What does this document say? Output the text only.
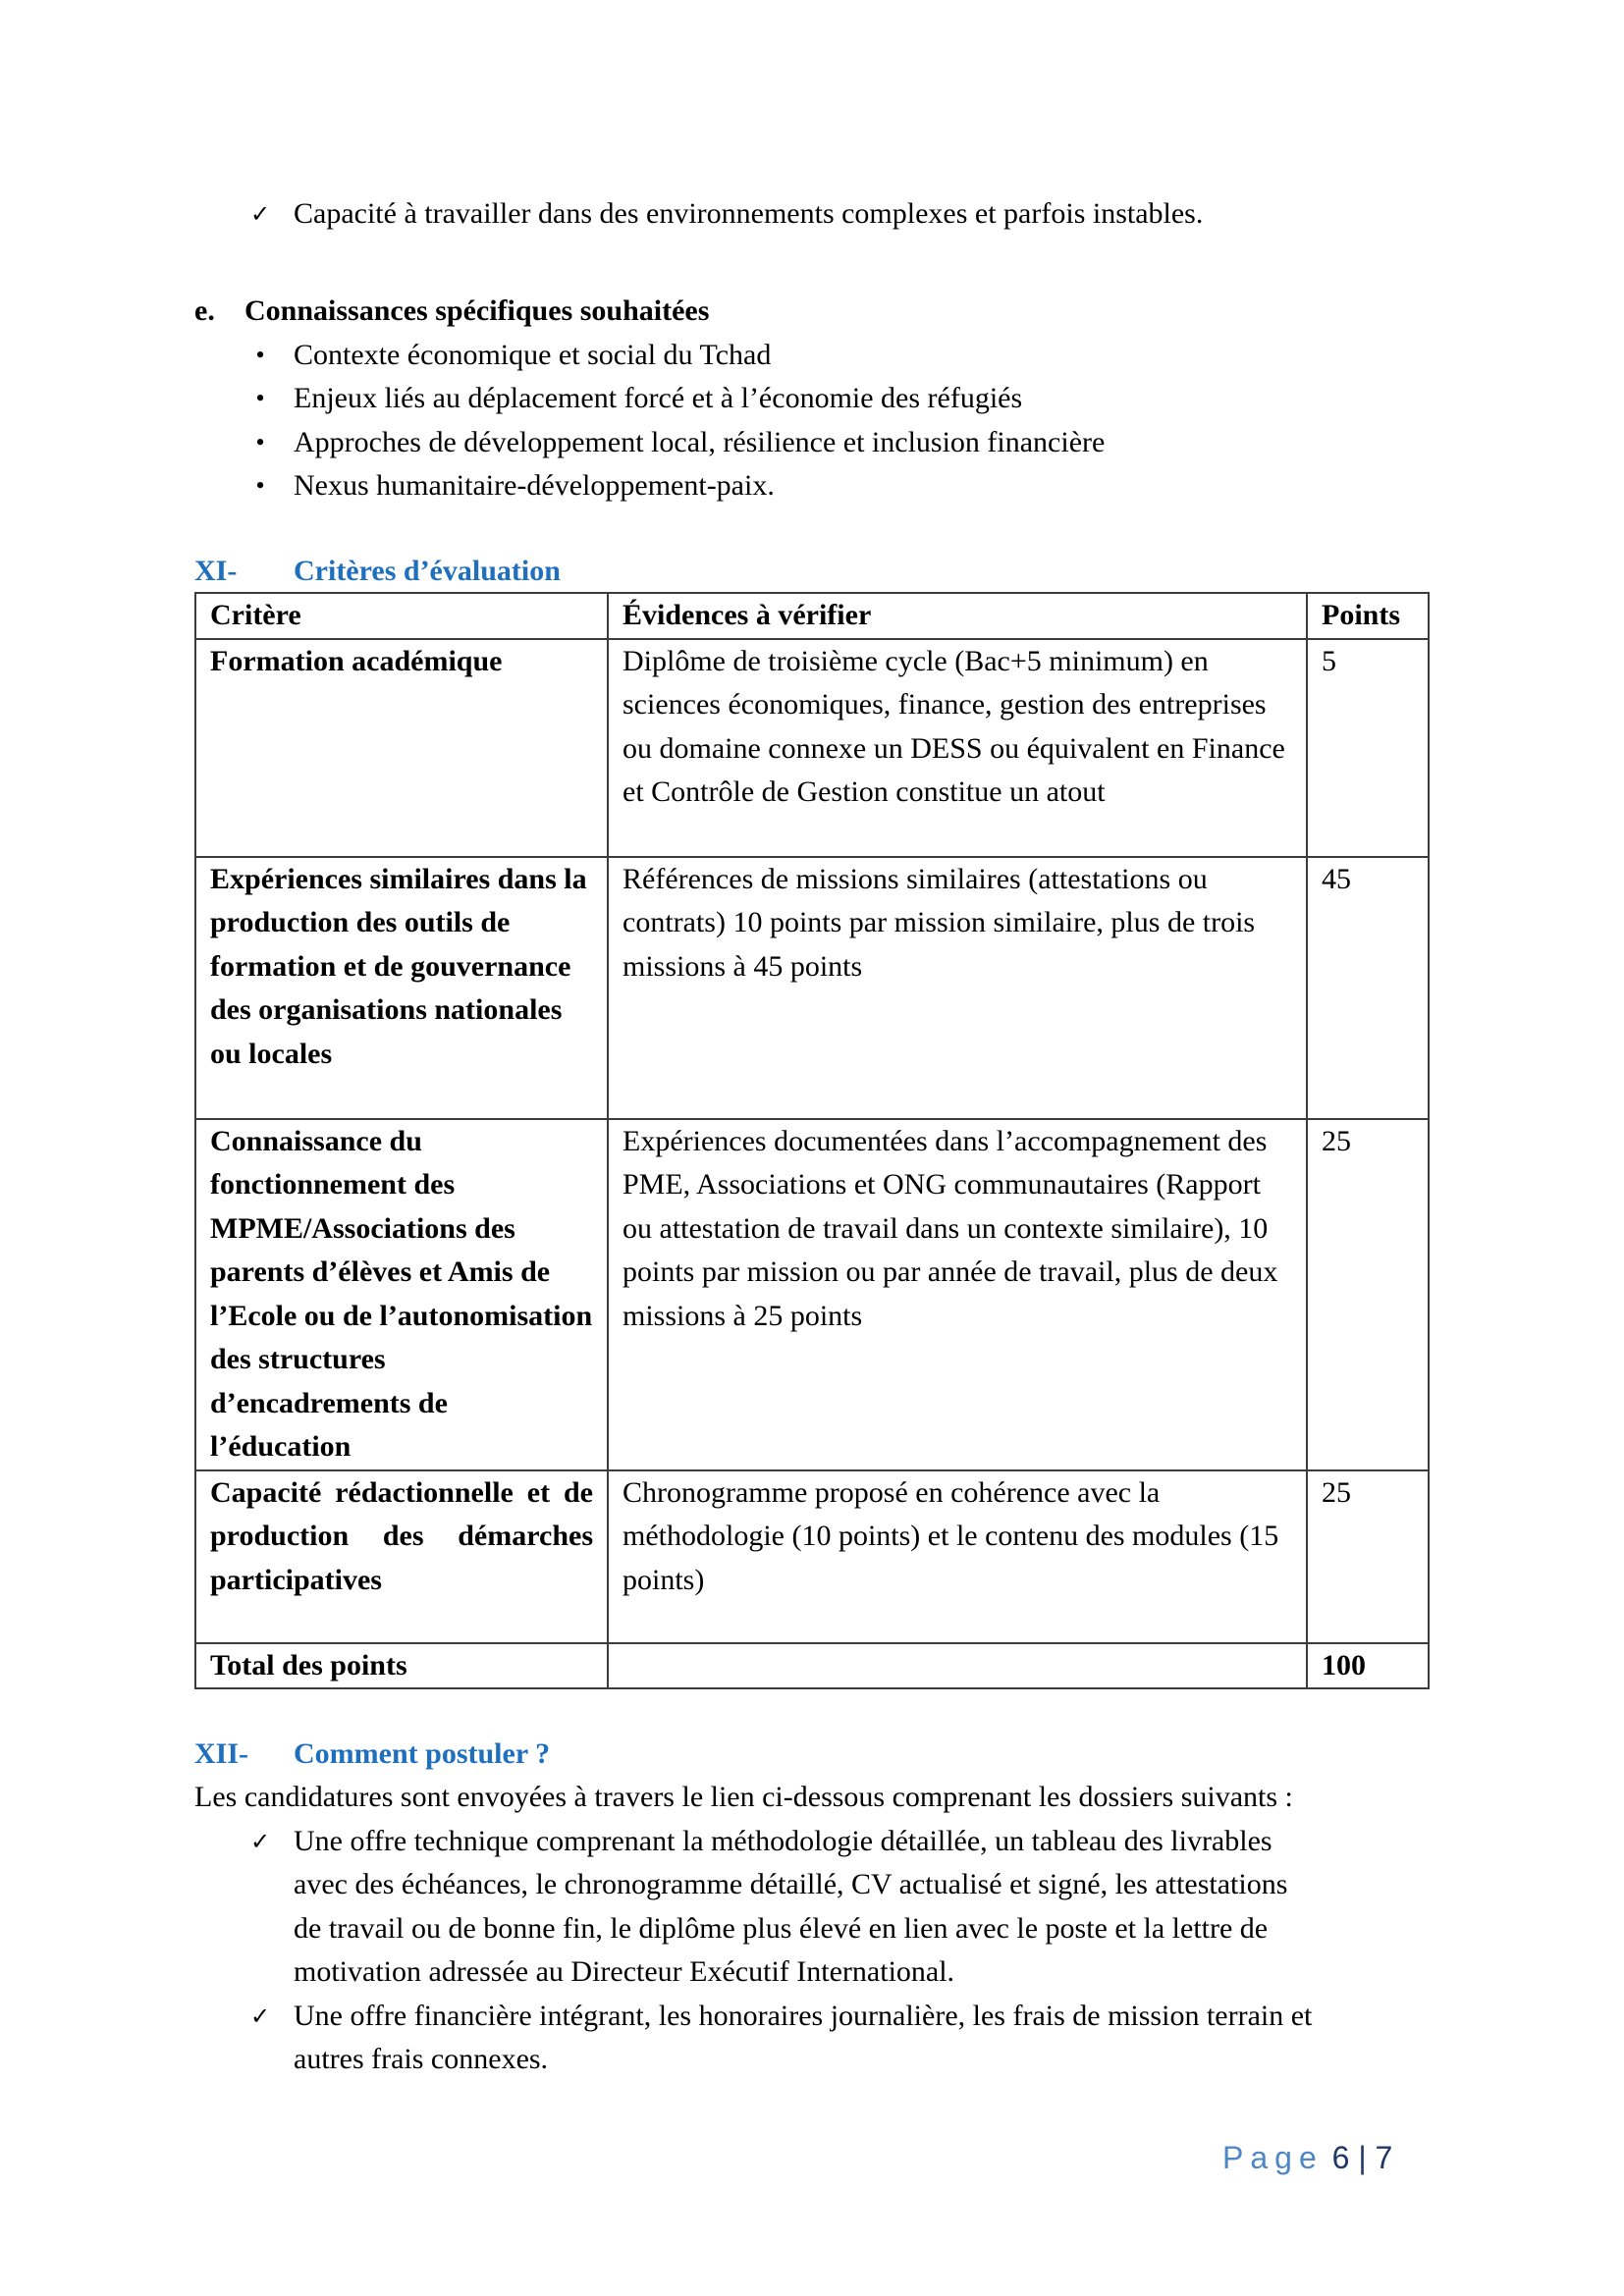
✓ Capacité à travailler dans des environnements complexes et parfois instables.
e. Connaissances spécifiques souhaitées
• Contexte économique et social du Tchad
• Enjeux liés au déplacement forcé et à l’économie des réfugiés
• Approches de développement local, résilience et inclusion financière
• Nexus humanitaire-développement-paix.
XI- Critères d’évaluation
Critère	Évidences à vérifier	Points
Formation académique	Diplôme de troisième cycle (Bac+5 minimum) en sciences économiques, finance, gestion des entreprises ou domaine connexe un DESS ou équivalent en Finance et Contrôle de Gestion constitue un atout	5
Expériences similaires dans la production des outils de formation et de gouvernance des organisations nationales ou locales	Références de missions similaires (attestations ou contrats) 10 points par mission similaire, plus de trois missions à 45 points	45
Connaissance du fonctionnement des MPME/Associations des parents d’élèves et Amis de l’Ecole ou de l’autonomisation des structures d’encadrements de l’éducation	Expériences documentées dans l’accompagnement des PME, Associations et ONG communautaires (Rapport ou attestation de travail dans un contexte similaire), 10 points par mission ou par année de travail, plus de deux missions à 25 points	25
Capacité rédactionnelle et de production des démarches participatives	Chronogramme proposé en cohérence avec la méthodologie (10 points) et le contenu des modules (15 points)	25
Total des points		100
XII- Comment postuler ?
Les candidatures sont envoyées à travers le lien ci-dessous comprenant les dossiers suivants :
✓ Une offre technique comprenant la méthodologie détaillée, un tableau des livrables
avec des échéances, le chronogramme détaillé, CV actualisé et signé, les attestations
de travail ou de bonne fin, le diplôme plus élevé en lien avec le poste et la lettre de
motivation adressée au Directeur Exécutif International.
✓ Une offre financière intégrant, les honoraires journalière, les frais de mission terrain et
autres frais connexes.
Page 6 | 7
